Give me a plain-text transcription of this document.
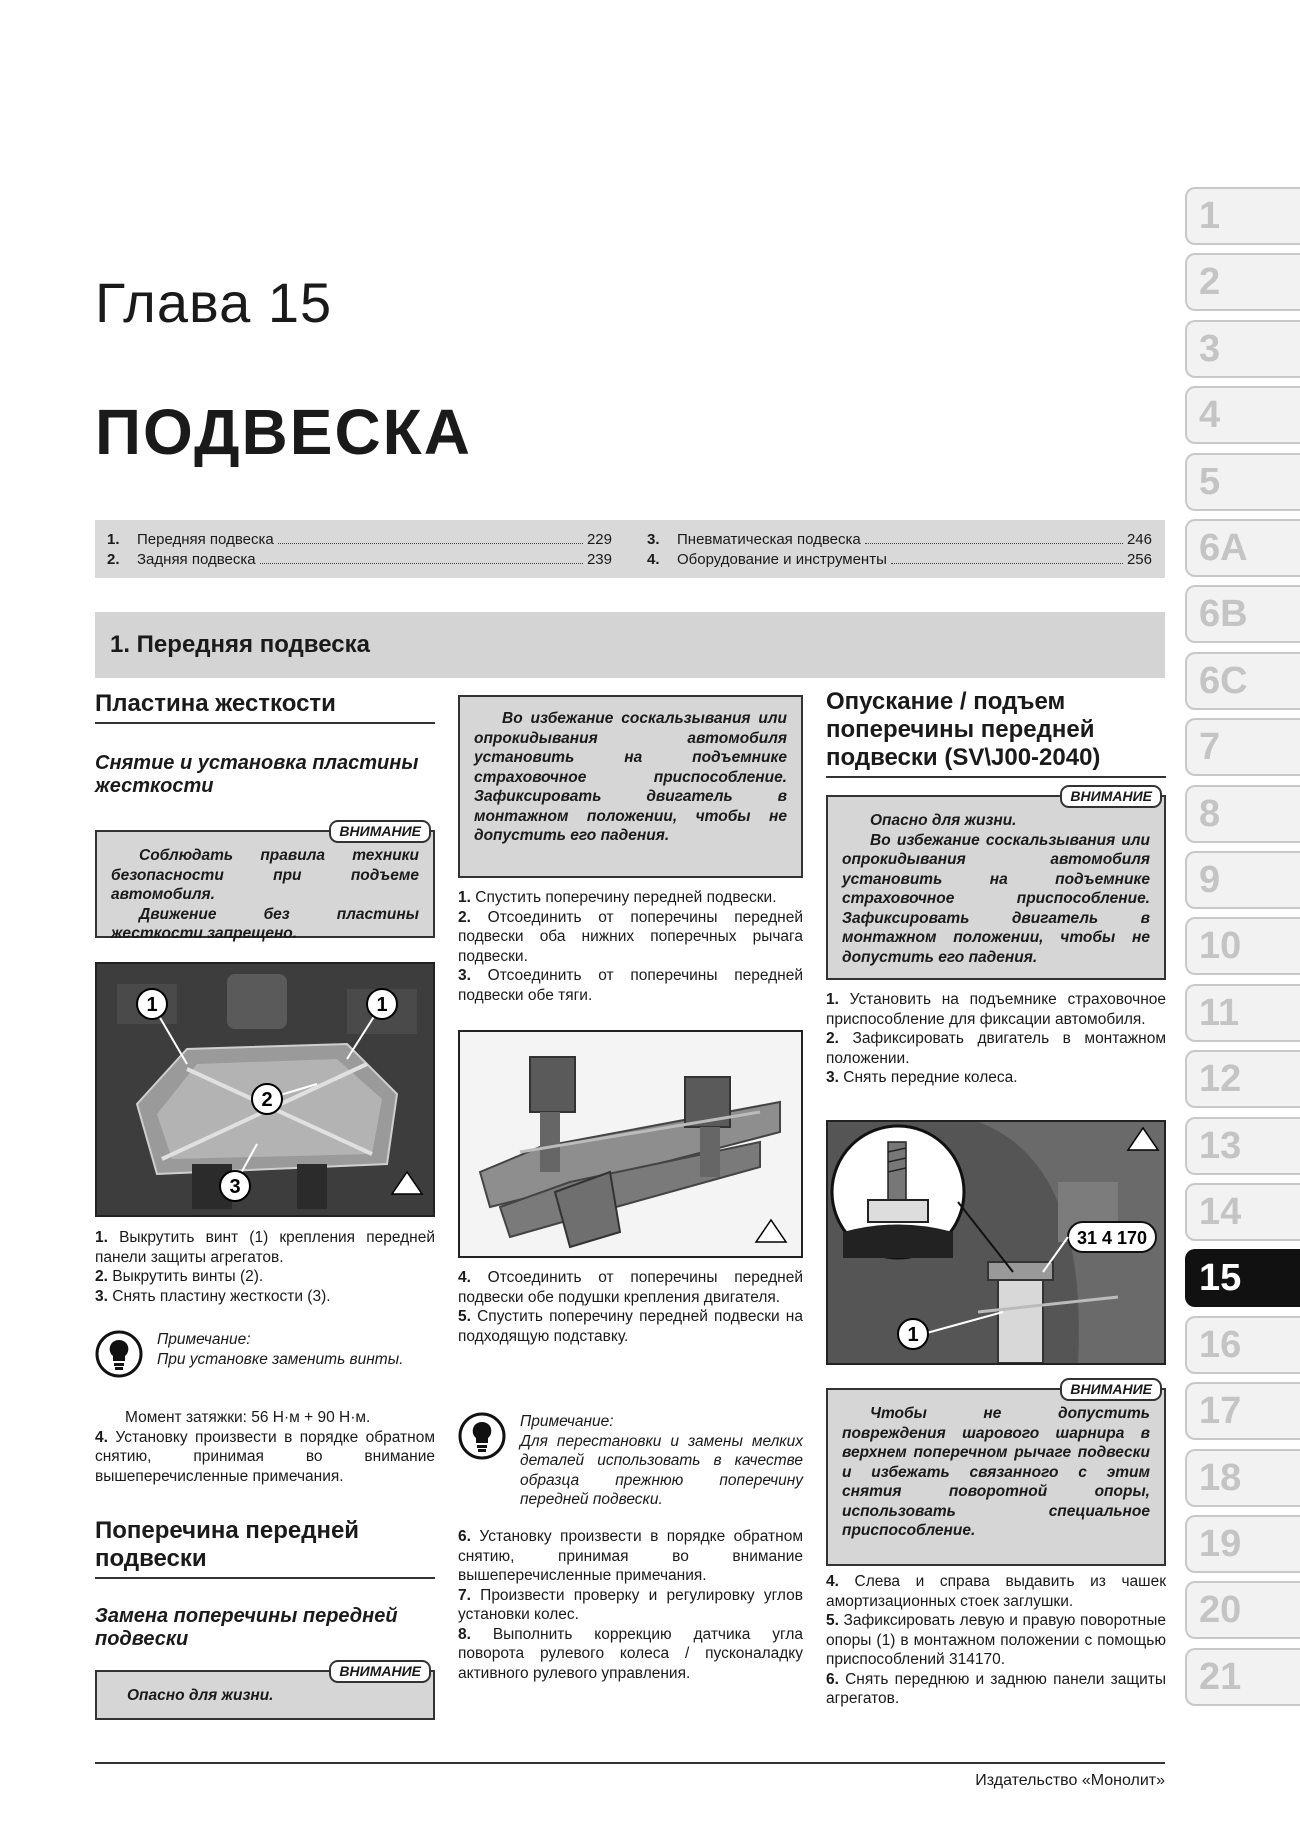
Глава 15
ПОДВЕСКА
1.	Передняя подвеска	229
2.	Задняя подвеска	239
3.	Пневматическая подвеска	246
4.	Оборудование и инструменты	256
1. Передняя подвеска
1
2
3
4
5
6A
6B
6C
7
8
9
10
11
12
13
14
15
16
17
18
19
20
21
Пластина жесткости
Снятие и установка пластины жесткости
Соблюдать правила техники безопасности при подъеме автомобиля.
Движение без пластины жесткости запрещено.
ВНИМАНИЕ
1	1
2
3
1. Выкрутить винт (1) крепления передней панели защиты агрегатов.
2. Выкрутить винты (2).
3. Снять пластину жесткости (3).
Примечание:
При установке заменить винты.
Момент затяжки: 56 Н·м + 90 Н·м.
4. Установку произвести в порядке обратном снятию, принимая во внимание вышеперечисленные примечания.
Поперечина передней подвески
Замена поперечины передней подвески
Опасно для жизни.
ВНИМАНИЕ
Во избежание соскальзывания или опрокидывания автомобиля установить на подъемнике страховочное приспособление. Зафиксировать двигатель в монтажном положении, чтобы не допустить его падения.
1. Спустить поперечину передней подвески.
2. Отсоединить от поперечины передней подвески оба нижних поперечных рычага подвески.
3. Отсоединить от поперечины передней подвески обе тяги.
4. Отсоединить от поперечины передней подвески обе подушки крепления двигателя.
5. Спустить поперечину передней подвески на подходящую подставку.
Примечание:
Для перестановки и замены мелких деталей использовать в качестве образца прежнюю поперечину передней подвески.
6. Установку произвести в порядке обратном снятию, принимая во внимание вышеперечисленные примечания.
7. Произвести проверку и регулировку углов установки колес.
8. Выполнить коррекцию датчика угла поворота рулевого колеса / пусконаладку активного рулевого управления.
Опускание / подъем поперечины передней подвески (SV\J00-2040)
Опасно для жизни.
Во избежание соскальзывания или опрокидывания автомобиля установить на подъемнике страховочное приспособление. Зафиксировать двигатель в монтажном положении, чтобы не допустить его падения.
ВНИМАНИЕ
1. Установить на подъемнике страховочное приспособление для фиксации автомобиля.
2. Зафиксировать двигатель в монтажном положении.
3. Снять передние колеса.
31 4 170
1
Чтобы не допустить повреждения шарового шарнира в верхнем поперечном рычаге подвески и избежать связанного с этим снятия поворотной опоры, использовать специальное приспособление.
ВНИМАНИЕ
4. Слева и справа выдавить из чашек амортизационных стоек заглушки.
5. Зафиксировать левую и правую поворотные опоры (1) в монтажном положении с помощью приспособлений 314170.
6. Снять переднюю и заднюю панели защиты агрегатов.
Издательство «Монолит»
